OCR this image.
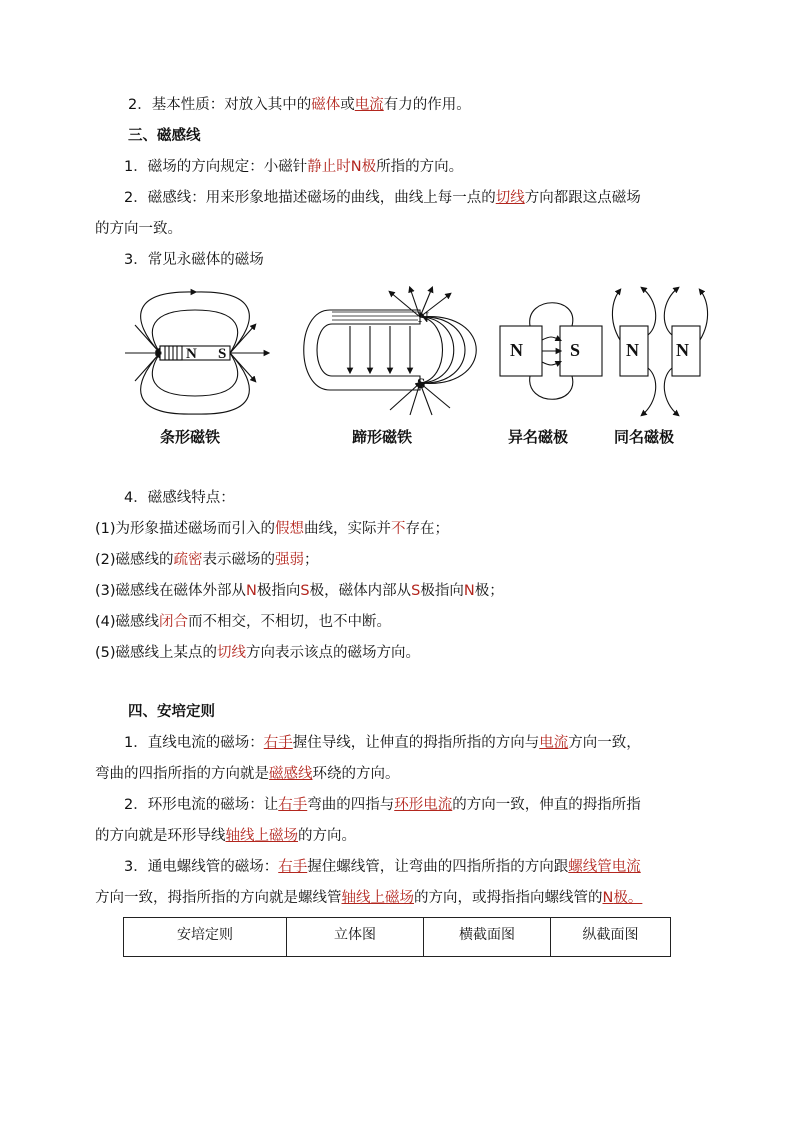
2．基本性质：对放入其中的磁体或电流有力的作用。
三、磁感线
1．磁场的方向规定：小磁针静止时N极所指的方向。
2．磁感线：用来形象地描述磁场的曲线，曲线上每一点的切线方向都跟这点磁场
的方向一致。
3．常见永磁体的磁场
N S
N
S
N	S	N N
条形磁铁	蹄形磁铁	异名磁极	同名磁极
4．磁感线特点：
(1)为形象描述磁场而引入的假想曲线，实际并不存在；
(2)磁感线的疏密表示磁场的强弱；
(3)磁感线在磁体外部从N极指向S极，磁体内部从S极指向N极；
(4)磁感线闭合而不相交，不相切，也不中断。
(5)磁感线上某点的切线方向表示该点的磁场方向。
四、安培定则
1．直线电流的磁场：右手握住导线，让伸直的拇指所指的方向与电流方向一致，
弯曲的四指所指的方向就是磁感线环绕的方向。
2．环形电流的磁场：让右手弯曲的四指与环形电流的方向一致，伸直的拇指所指
的方向就是环形导线轴线上磁场的方向。
3．通电螺线管的磁场：右手握住螺线管，让弯曲的四指所指的方向跟螺线管电流
方向一致，拇指所指的方向就是螺线管轴线上磁场的方向，或拇指指向螺线管的N极。
安培定则	立体图	横截面图	纵截面图
